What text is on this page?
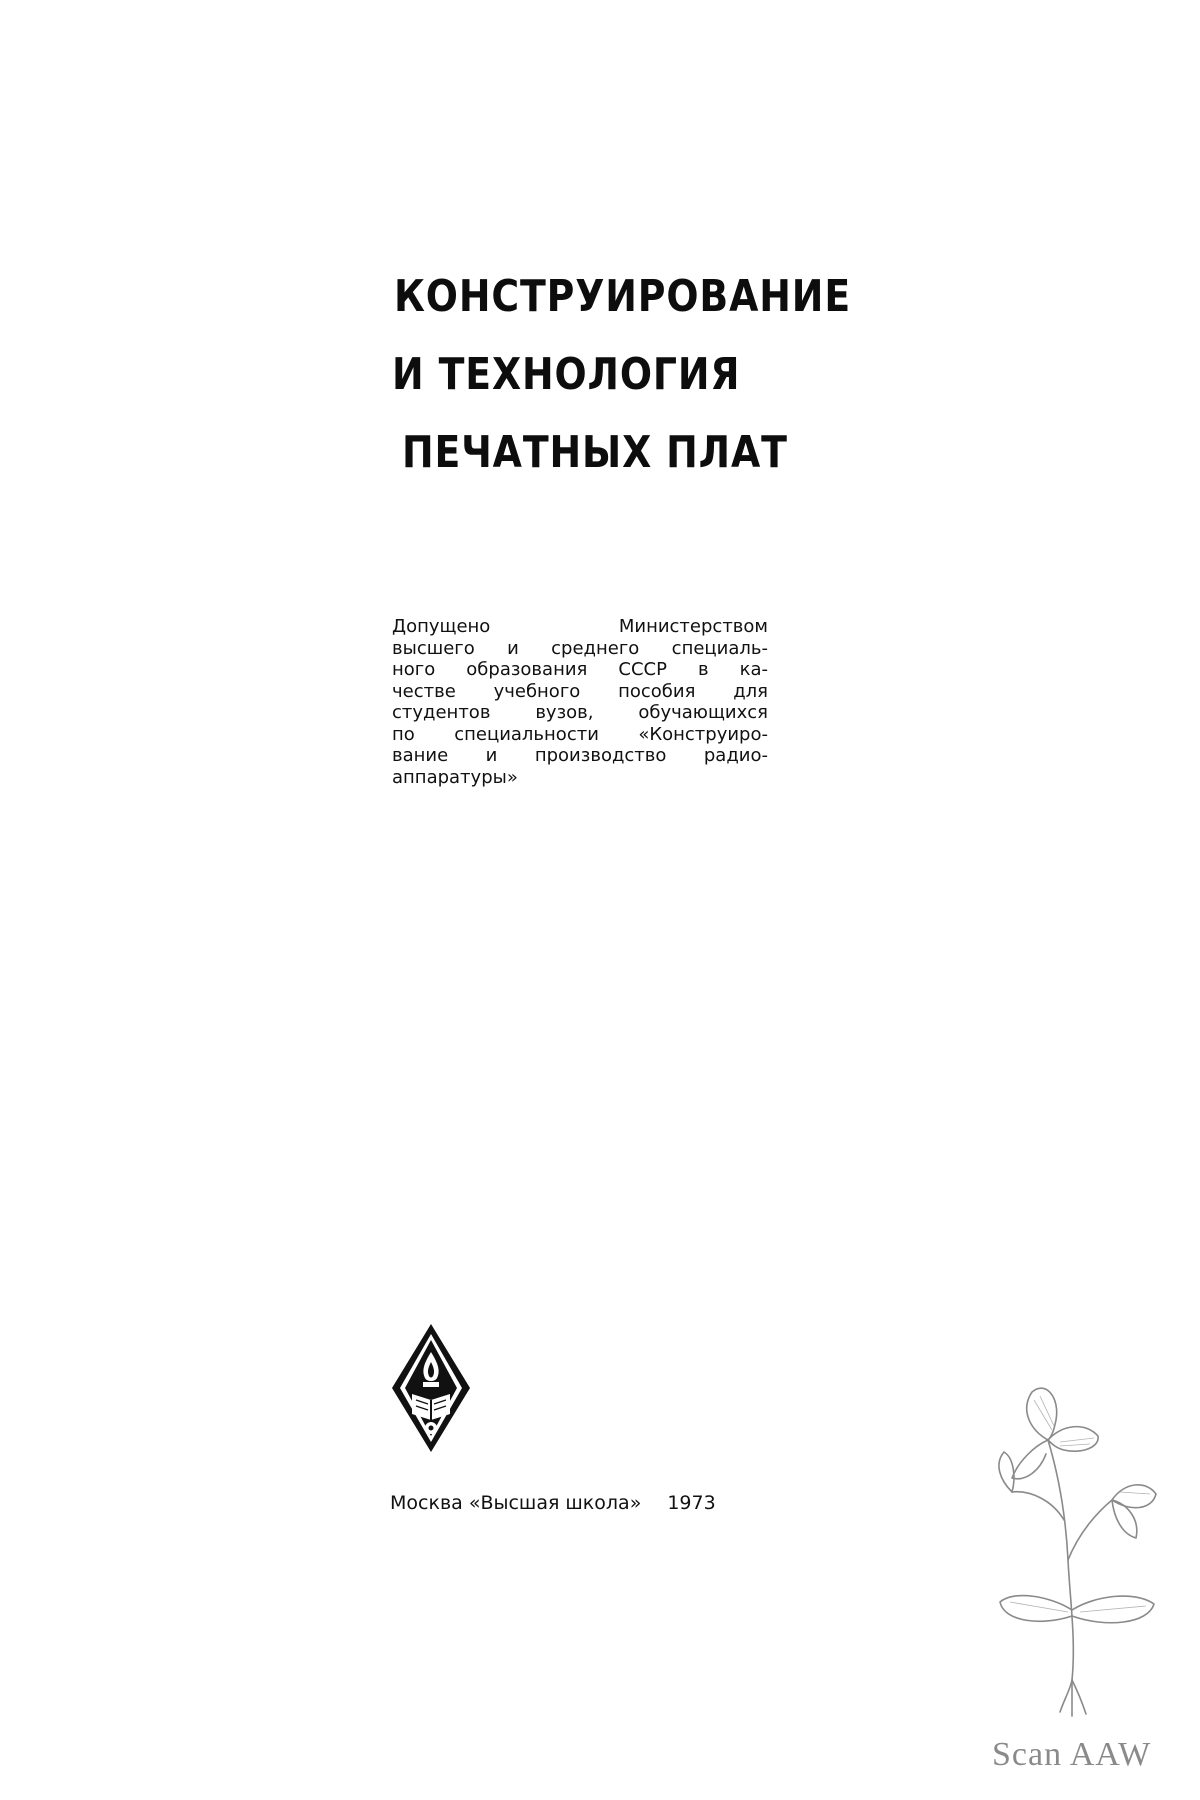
КОНСТРУИРОВАНИЕ
И ТЕХНОЛОГИЯ
ПЕЧАТНЫХ ПЛАТ
Допущено Министерством
высшего и среднего специаль-
ного образования СССР в ка-
честве учебного пособия для
студентов вузов, обучающихся
по специальности «Конструиро-
вание и производство радио-
аппаратуры»
Москва «Высшая школа» 1973
Scan AAW
